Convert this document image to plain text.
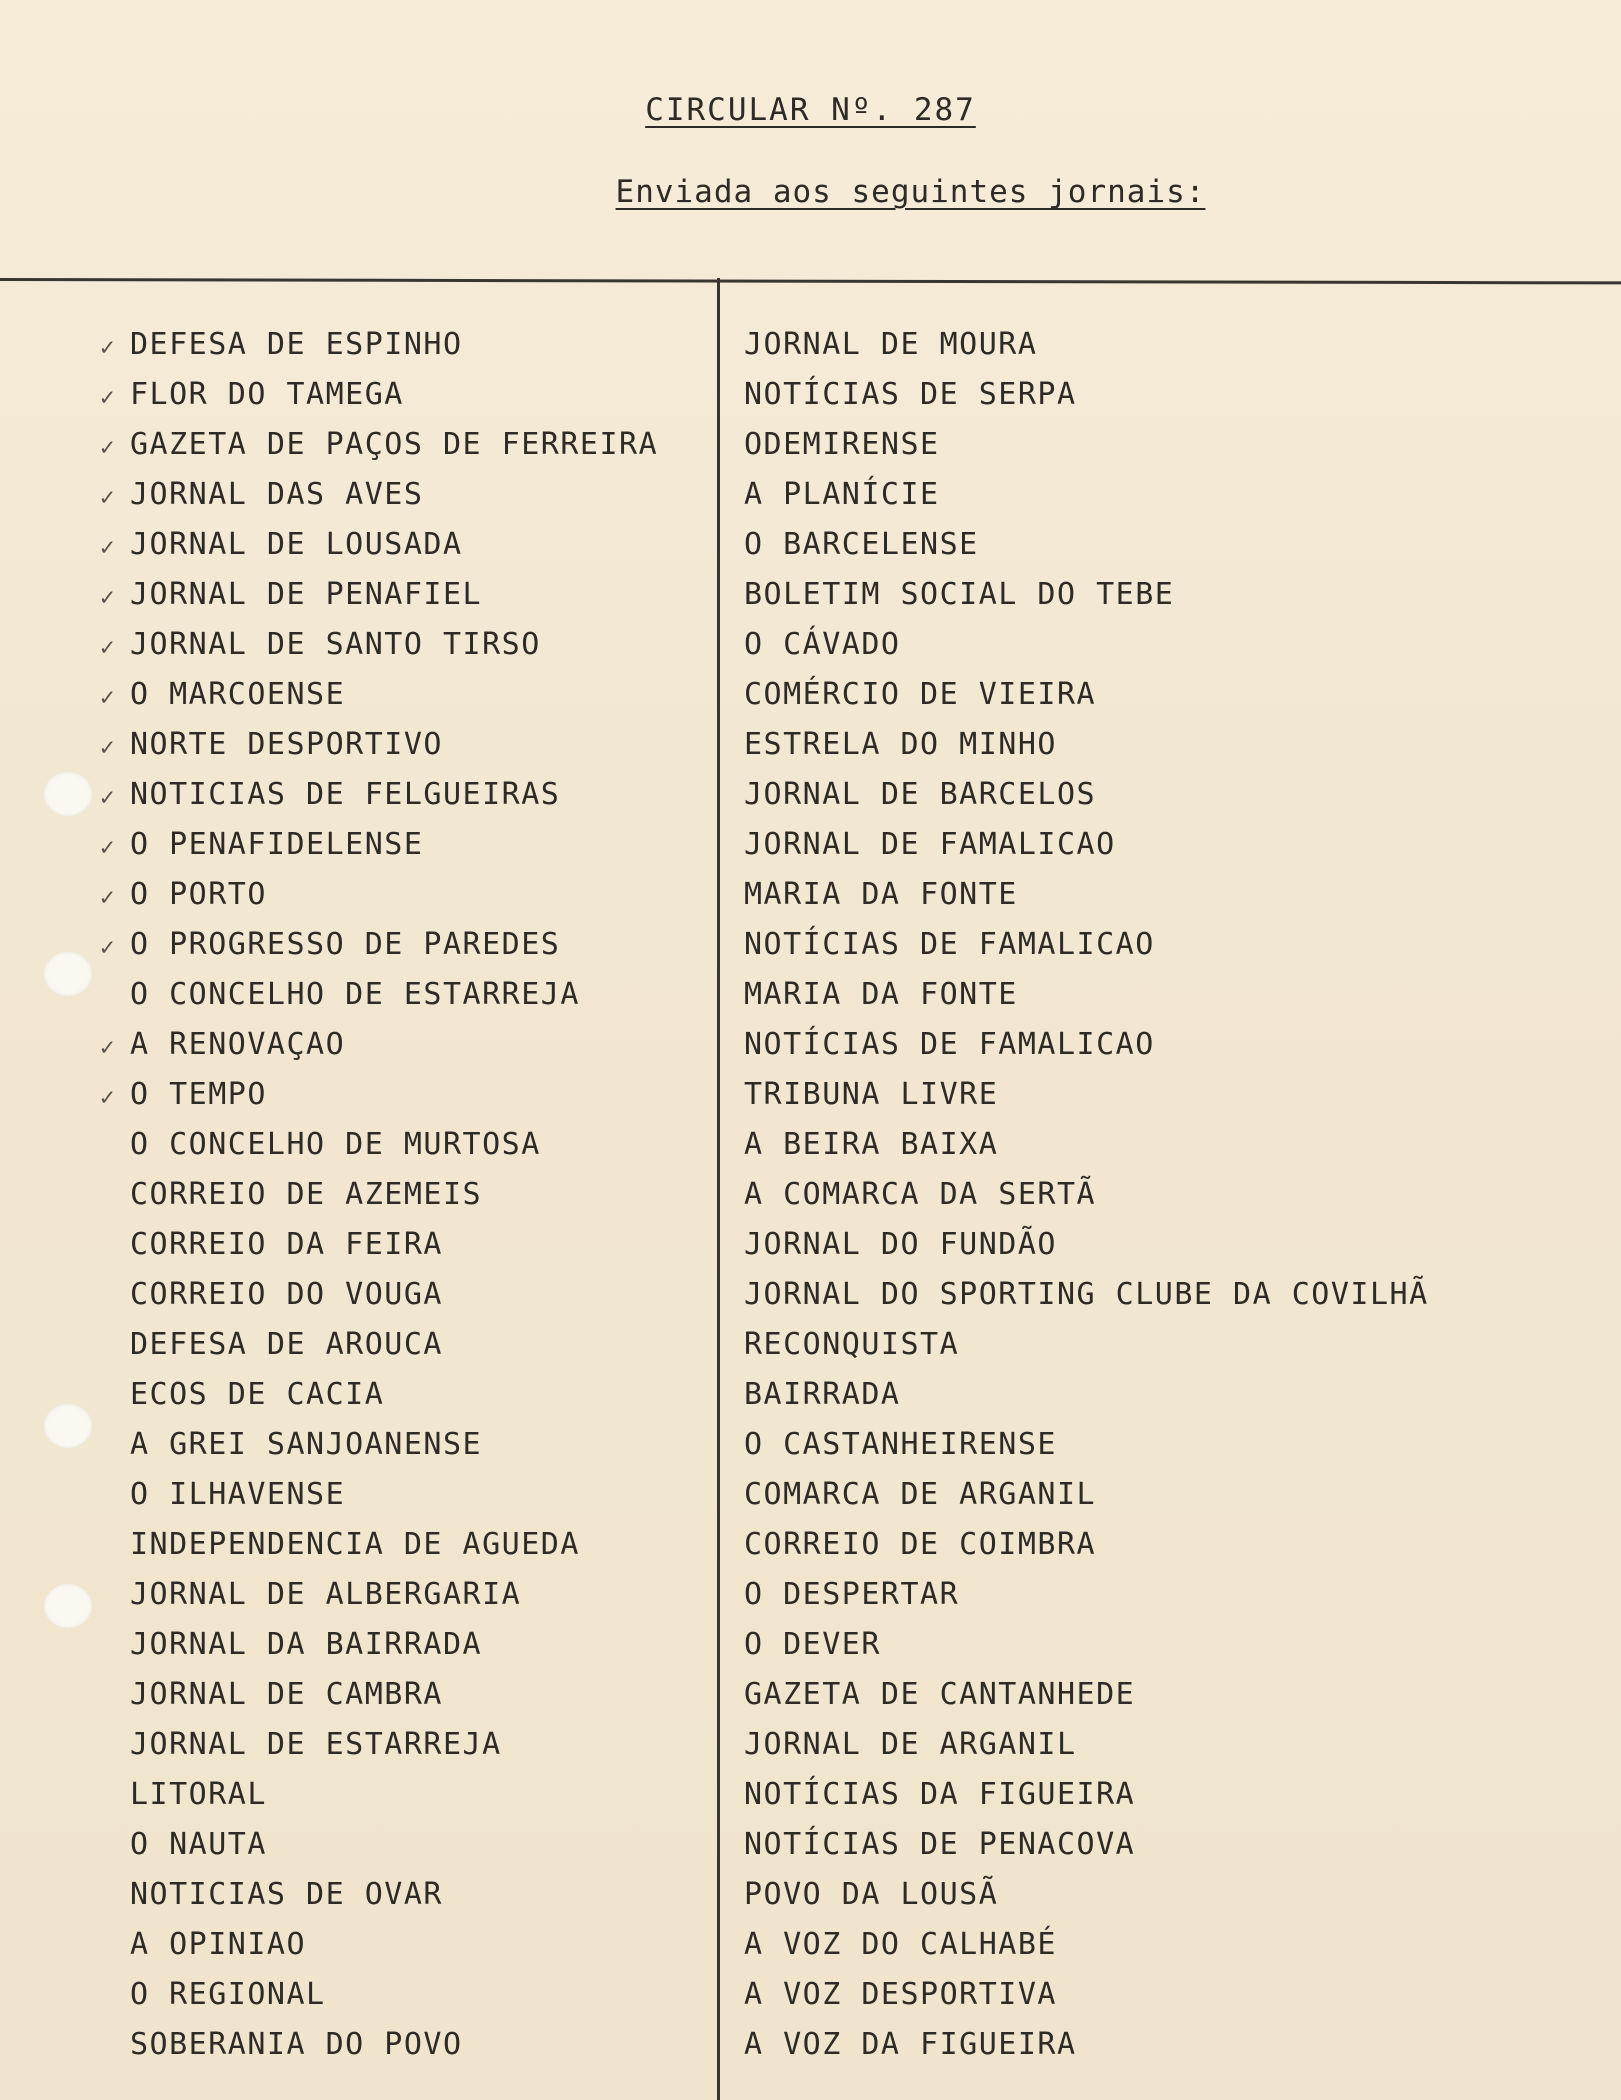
CIRCULAR Nº. 287
Enviada aos seguintes jornais:
✓ DEFESA DE ESPINHO
✓ FLOR DO TAMEGA
✓ GAZETA DE PAÇOS DE FERREIRA
✓ JORNAL DAS AVES
✓ JORNAL DE LOUSADA
✓ JORNAL DE PENAFIEL
✓ JORNAL DE SANTO TIRSO
✓ O MARCOENSE
✓ NORTE DESPORTIVO
✓ NOTICIAS DE FELGUEIRAS
✓ O PENAFIDELENSE
✓ O PORTO
✓ O PROGRESSO DE PAREDES
O CONCELHO DE ESTARREJA
✓ A RENOVAÇAO
✓ O TEMPO
O CONCELHO DE MURTOSA
CORREIO DE AZEMEIS
CORREIO DA FEIRA
CORREIO DO VOUGA
DEFESA DE AROUCA
ECOS DE CACIA
A GREI SANJOANENSE
O ILHAVENSE
INDEPENDENCIA DE AGUEDA
JORNAL DE ALBERGARIA
JORNAL DA BAIRRADA
JORNAL DE CAMBRA
JORNAL DE ESTARREJA
LITORAL
O NAUTA
NOTICIAS DE OVAR
A OPINIAO
O REGIONAL
SOBERANIA DO POVO
JORNAL DE MOURA
NOTÍCIAS DE SERPA
ODEMIRENSE
A PLANÍCIE
O BARCELENSE
BOLETIM SOCIAL DO TEBE
O CÁVADO
COMÉRCIO DE VIEIRA
ESTRELA DO MINHO
JORNAL DE BARCELOS
JORNAL DE FAMALICAO
MARIA DA FONTE
NOTÍCIAS DE FAMALICAO
MARIA DA FONTE
NOTÍCIAS DE FAMALICAO
TRIBUNA LIVRE
A BEIRA BAIXA
A COMARCA DA SERTÃ
JORNAL DO FUNDÃO
JORNAL DO SPORTING CLUBE DA COVILHÃ
RECONQUISTA
BAIRRADA
O CASTANHEIRENSE
COMARCA DE ARGANIL
CORREIO DE COIMBRA
O DESPERTAR
O DEVER
GAZETA DE CANTANHEDE
JORNAL DE ARGANIL
NOTÍCIAS DA FIGUEIRA
NOTÍCIAS DE PENACOVA
POVO DA LOUSÃ
A VOZ DO CALHABÉ
A VOZ DESPORTIVA
A VOZ DA FIGUEIRA
